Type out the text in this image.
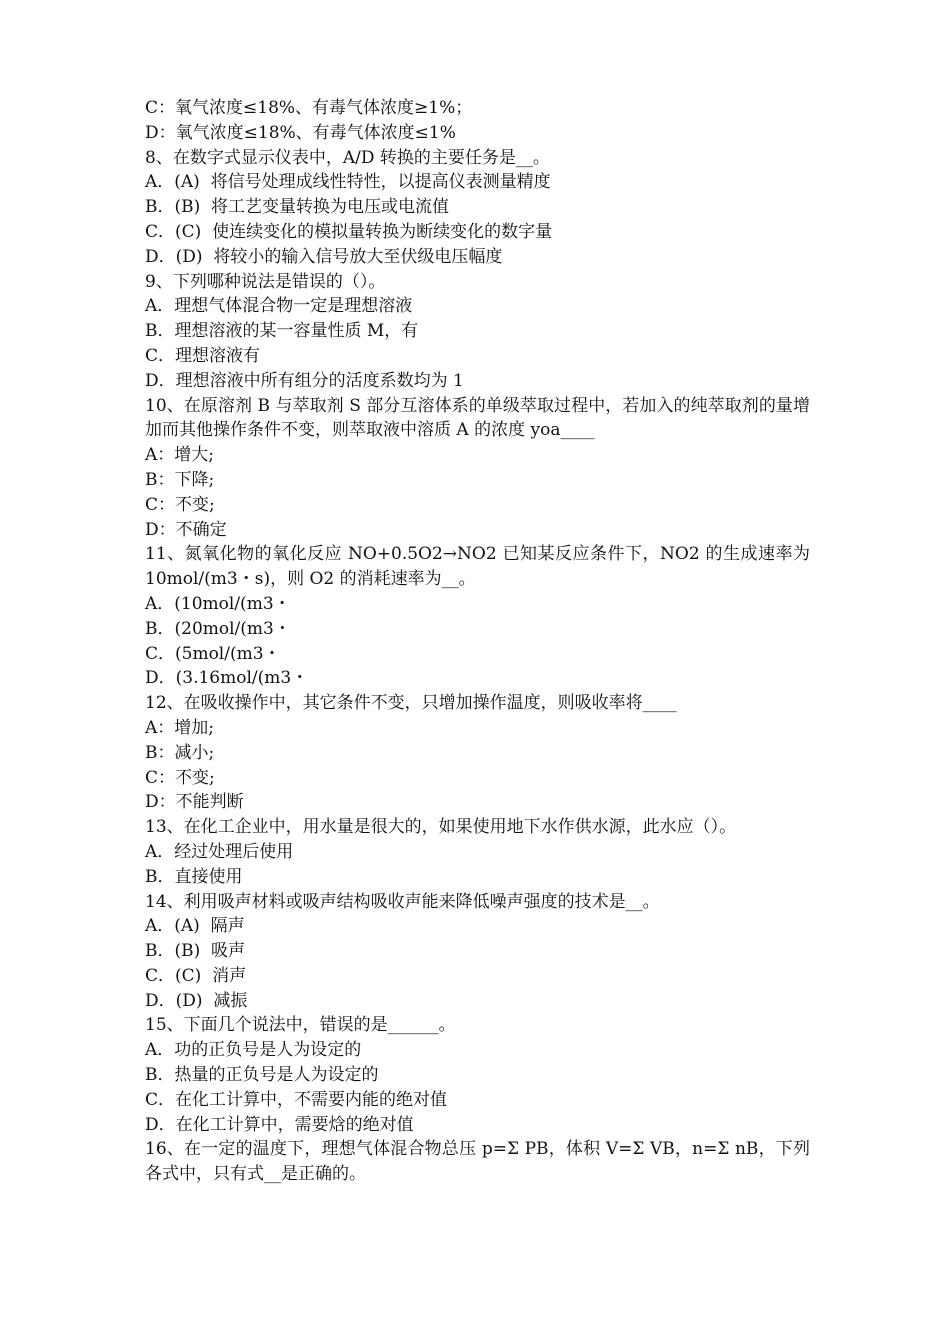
C：氧气浓度≤18%、有毒气体浓度≥1%；

D：氧气浓度≤18%、有毒气体浓度≤1%

8、在数字式显示仪表中，A/D 转换的主要任务是__。

A．(A)  将信号处理成线性特性，以提高仪表测量精度

B．(B)  将工艺变量转换为电压或电流值

C．(C)  使连续变化的模拟量转换为断续变化的数字量

D．(D)  将较小的输入信号放大至伏级电压幅度

9、下列哪种说法是错误的（）。

A．理想气体混合物一定是理想溶液

B．理想溶液的某一容量性质 M，有

C．理想溶液有

D．理想溶液中所有组分的活度系数均为 1

10、在原溶剂 B 与萃取剂 S 部分互溶体系的单级萃取过程中，若加入的纯萃取剂的量增加而其他操作条件不变，则萃取液中溶质 A 的浓度 yoa____

A：增大;

B：下降;

C：不变;

D：不确定

11、氮氧化物的氧化反应 NO+0.5O2→NO2 已知某反应条件下，NO2 的生成速率为 10mol/(m3・s)，则 O2 的消耗速率为__。

A．(10mol/(m3・

B．(20mol/(m3・

C．(5mol/(m3・

D．(3.16mol/(m3・

12、在吸收操作中，其它条件不变，只增加操作温度，则吸收率将____

A：增加;

B：减小;

C：不变;

D：不能判断

13、在化工企业中，用水量是很大的，如果使用地下水作供水源，此水应（）。

A．经过处理后使用

B．直接使用

14、利用吸声材料或吸声结构吸收声能来降低噪声强度的技术是__。

A．(A)  隔声

B．(B)  吸声

C．(C)  消声

D．(D)  减振

15、下面几个说法中，错误的是______。

A．功的正负号是人为设定的

B．热量的正负号是人为设定的

C．在化工计算中，不需要内能的绝对值

D．在化工计算中，需要焓的绝对值

16、在一定的温度下，理想气体混合物总压 p=Σ PB，体积 V=Σ VB，n=Σ nB，下列各式中，只有式__是正确的。
